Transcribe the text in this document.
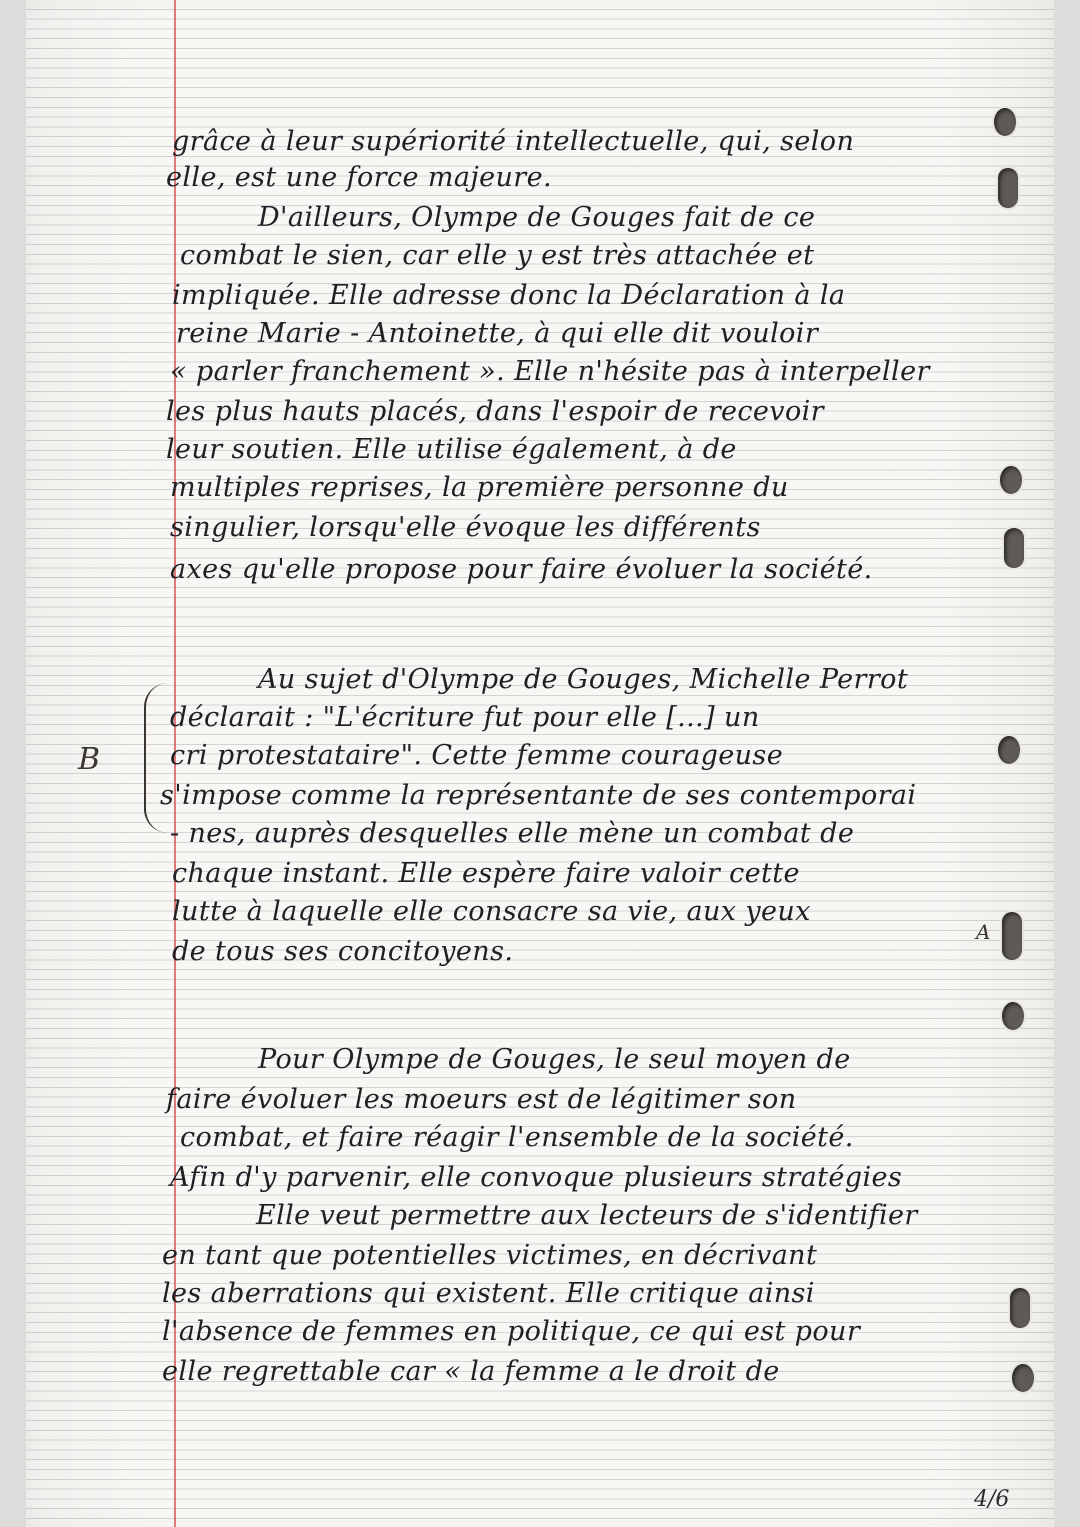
B
A
grâce à leur supériorité intellectuelle, qui, selon
elle, est une force majeure.
D'ailleurs, Olympe de Gouges fait de ce
combat le sien, car elle y est très attachée et
impliquée. Elle adresse donc la Déclaration à la
reine Marie - Antoinette, à qui elle dit vouloir
« parler franchement ». Elle n'hésite pas à interpeller
les plus hauts placés, dans l'espoir de recevoir
leur soutien. Elle utilise également, à de
multiples reprises, la première personne du
singulier, lorsqu'elle évoque les différents
axes qu'elle propose pour faire évoluer la société.
Au sujet d'Olympe de Gouges, Michelle Perrot
déclarait : "L'écriture fut pour elle [...] un
cri protestataire". Cette femme courageuse
s'impose comme la représentante de ses contemporai
- nes, auprès desquelles elle mène un combat de
chaque instant. Elle espère faire valoir cette
lutte à laquelle elle consacre sa vie, aux yeux
de tous ses concitoyens.
Pour Olympe de Gouges, le seul moyen de
faire évoluer les moeurs est de légitimer son
combat, et faire réagir l'ensemble de la société.
Afin d'y parvenir, elle convoque plusieurs stratégies
Elle veut permettre aux lecteurs de s'identifier
en tant que potentielles victimes, en décrivant
les aberrations qui existent. Elle critique ainsi
l'absence de femmes en politique, ce qui est pour
elle regrettable car « la femme a le droit de
4/6
